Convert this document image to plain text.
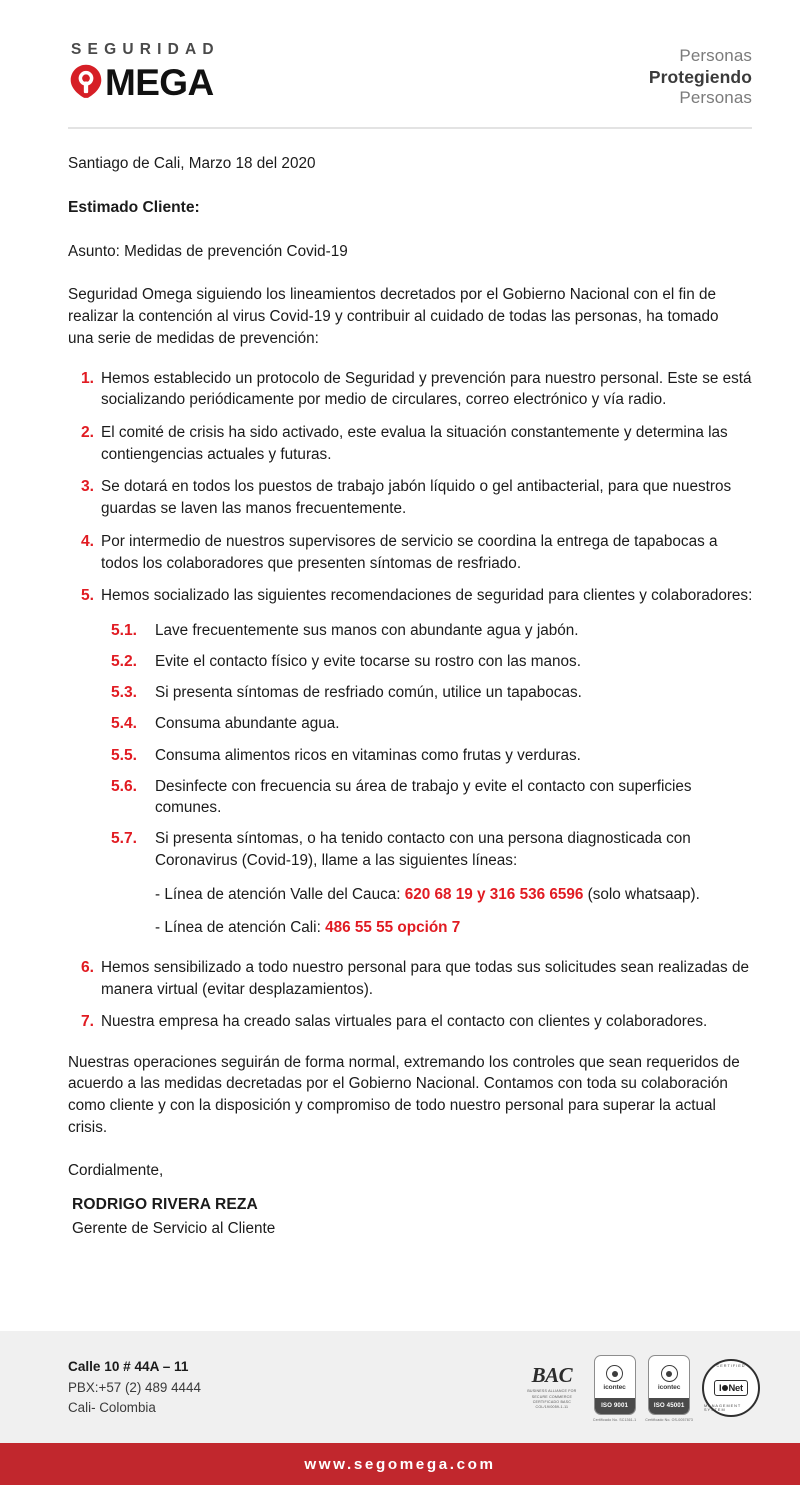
SEGURIDAD
MEGA
Personas
Protegiendo
Personas

Santiago de Cali, Marzo 18 del 2020

Estimado Cliente:

Asunto: Medidas de prevención Covid-19

Seguridad Omega siguiendo los lineamientos decretados por el Gobierno Nacional con el fin de realizar la contención al virus Covid-19 y contribuir al cuidado de todas las personas, ha tomado una serie de medidas de prevención:

1. Hemos establecido un protocolo de Seguridad y prevención para nuestro personal. Este se está socializando periódicamente por medio de circulares, correo electrónico y vía radio.
2. El comité de crisis ha sido activado, este evalua la situación constantemente y determina las contiengencias actuales y futuras.
3. Se dotará en todos los puestos de trabajo jabón líquido o gel antibacterial, para que nuestros guardas se laven las manos frecuentemente.
4. Por intermedio de nuestros supervisores de servicio se coordina la entrega de tapabocas a todos los colaboradores que presenten síntomas de resfriado.
5. Hemos socializado las siguientes recomendaciones de seguridad para clientes y colaboradores:
5.1.	Lave frecuentemente sus manos con abundante agua y jabón.
5.2.	Evite el contacto físico y evite tocarse su rostro con las manos.
5.3.	Si presenta síntomas de resfriado común, utilice un tapabocas.
5.4.	Consuma abundante agua.
5.5.	Consuma alimentos ricos en vitaminas como frutas y verduras.
5.6.	Desinfecte con frecuencia su área de trabajo y evite el contacto con superficies comunes.
5.7.	Si presenta síntomas, o ha tenido contacto con una persona diagnosticada con Coronavirus (Covid-19), llame a las siguientes líneas:
- Línea de atención Valle del Cauca: 620 68 19 y 316 536 6596 (solo whatsaap).
- Línea de atención Cali: 486 55 55 opción 7
6. Hemos sensibilizado a todo nuestro personal para que todas sus solicitudes sean realizadas de manera virtual (evitar desplazamientos).
7. Nuestra empresa ha creado salas virtuales para el contacto con clientes y colaboradores.

Nuestras operaciones seguirán de forma normal, extremando los controles que sean requeridos de acuerdo a las medidas decretadas por el Gobierno Nacional. Contamos con toda su colaboración como cliente y con la disposición y compromiso de todo nuestro personal para superar la actual crisis.

Cordialmente,

RODRIGO RIVERA REZA

Gerente de Servicio al Cliente

Calle 10 # 44A – 11
PBX:+57 (2) 489 4444
Cali- Colombia
BAC
BUSINESS ALLIANCE FOR SECURE COMMERCE CERTIFICADO BASC COL/19/0059-1-11
icontec
ISO 9001
Certificado No. SC1361-1
icontec
ISO 45001
Certificado No. OS-0057873
CERTIFIED
I Net
MANAGEMENT SYSTEM
www.segomega.com
